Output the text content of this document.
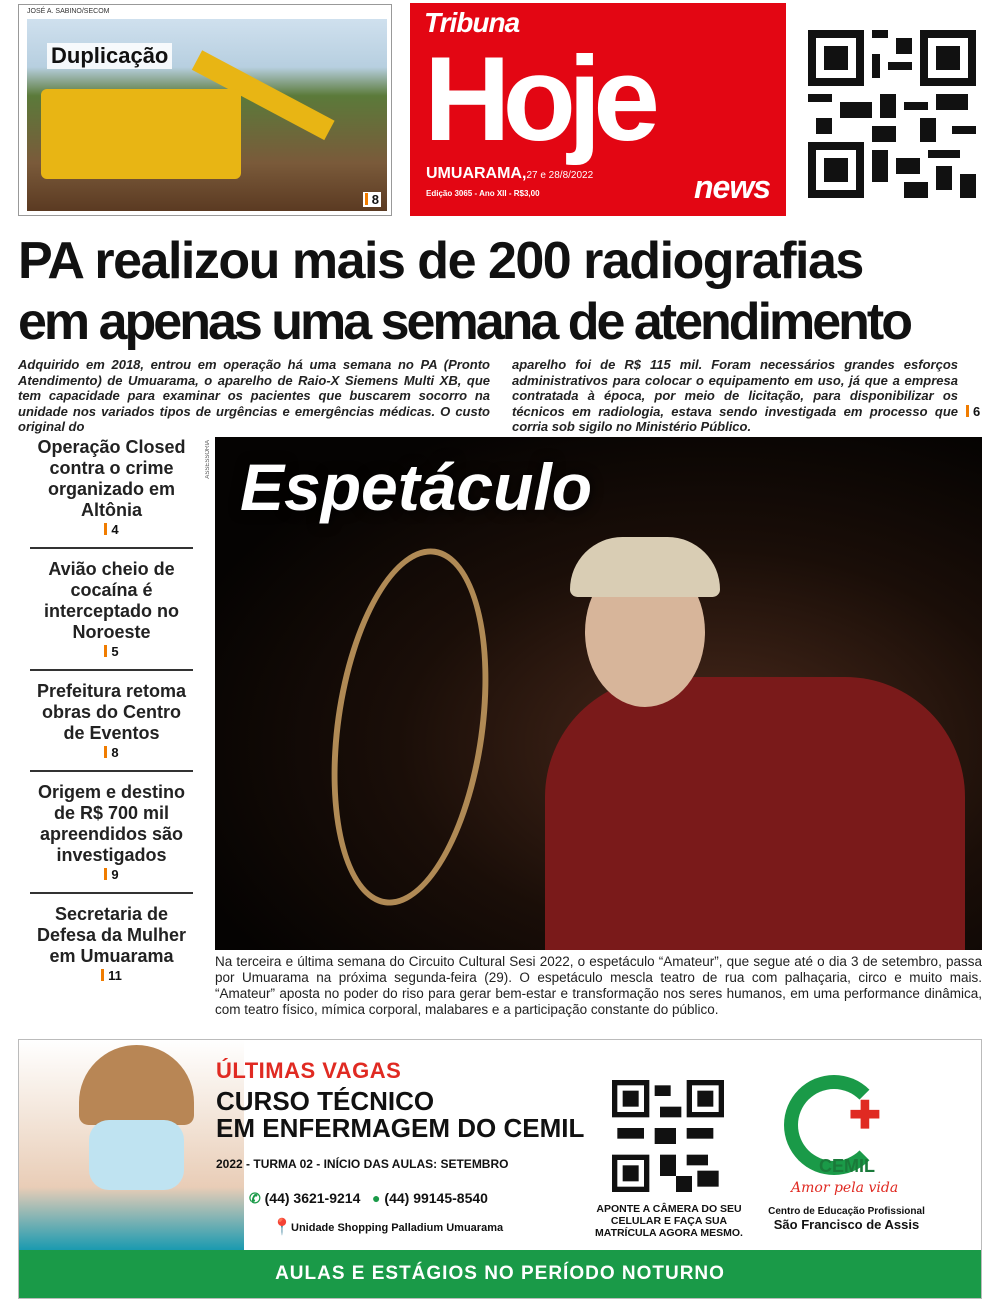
JOSÉ A. SABINO/SECOM
Duplicação
8
Tribuna
Hoje
UMUARAMA,27 e 28/8/2022
Edição 3065 - Ano XII - R$3,00	news
PA realizou mais de 200 radiografias
em apenas uma semana de atendimento

Adquirido em 2018, entrou em operação há uma semana no PA (Pronto Atendimento) de Umuarama, o aparelho de Raio-X Siemens Multi XB, que tem capacidade para examinar os pacientes que buscarem socorro na unidade nos variados tipos de urgências e emergências médicas. O custo original do

aparelho foi de R$ 115 mil. Foram necessários grandes esforços administrativos para colocar o equipamento em uso, já que a empresa contratada à época, por meio de licitação, para disponibilizar os técnicos em radiologia, estava sendo investigada em processo que corria sob sigilo no Ministério Público.

6
Operação Closed contra o crime organizado em Altônia
4
Avião cheio de cocaína é interceptado no Noroeste
5
Prefeitura retoma obras do Centro de Eventos
8
Origem e destino de R$ 700 mil apreendidos são investigados
9
Secretaria de Defesa da Mulher em Umuarama
11
ASSESSORIA Espetáculo

Na terceira e última semana do Circuito Cultural Sesi 2022, o espetáculo “Amateur”, que segue até o dia 3 de setembro, passa por Umuarama na próxima segunda-feira (29). O espetáculo mescla teatro de rua com palhaçaria, circo e muito mais. “Amateur” aposta no poder do riso para gerar bem-estar e transformação nos seres humanos, em uma performance dinâmica, com teatro físico, mímica corporal, malabares e a participação constante do público.

ÚLTIMAS VAGAS
CURSO TÉCNICO
EM ENFERMAGEM DO CEMIL
2022 - TURMA 02 - INÍCIO DAS AULAS: SETEMBRO
✆ (44) 3621-9214 ● (44) 99145-8540
📍 Unidade Shopping Palladium Umuarama

APONTE A CÂMERA DO SEU CELULAR E FAÇA SUA MATRÍCULA AGORA MESMO.

✚
CEMIL
Amor pela vida
Centro de Educação Profissional
São Francisco de Assis
AULAS E ESTÁGIOS NO PERÍODO NOTURNO
